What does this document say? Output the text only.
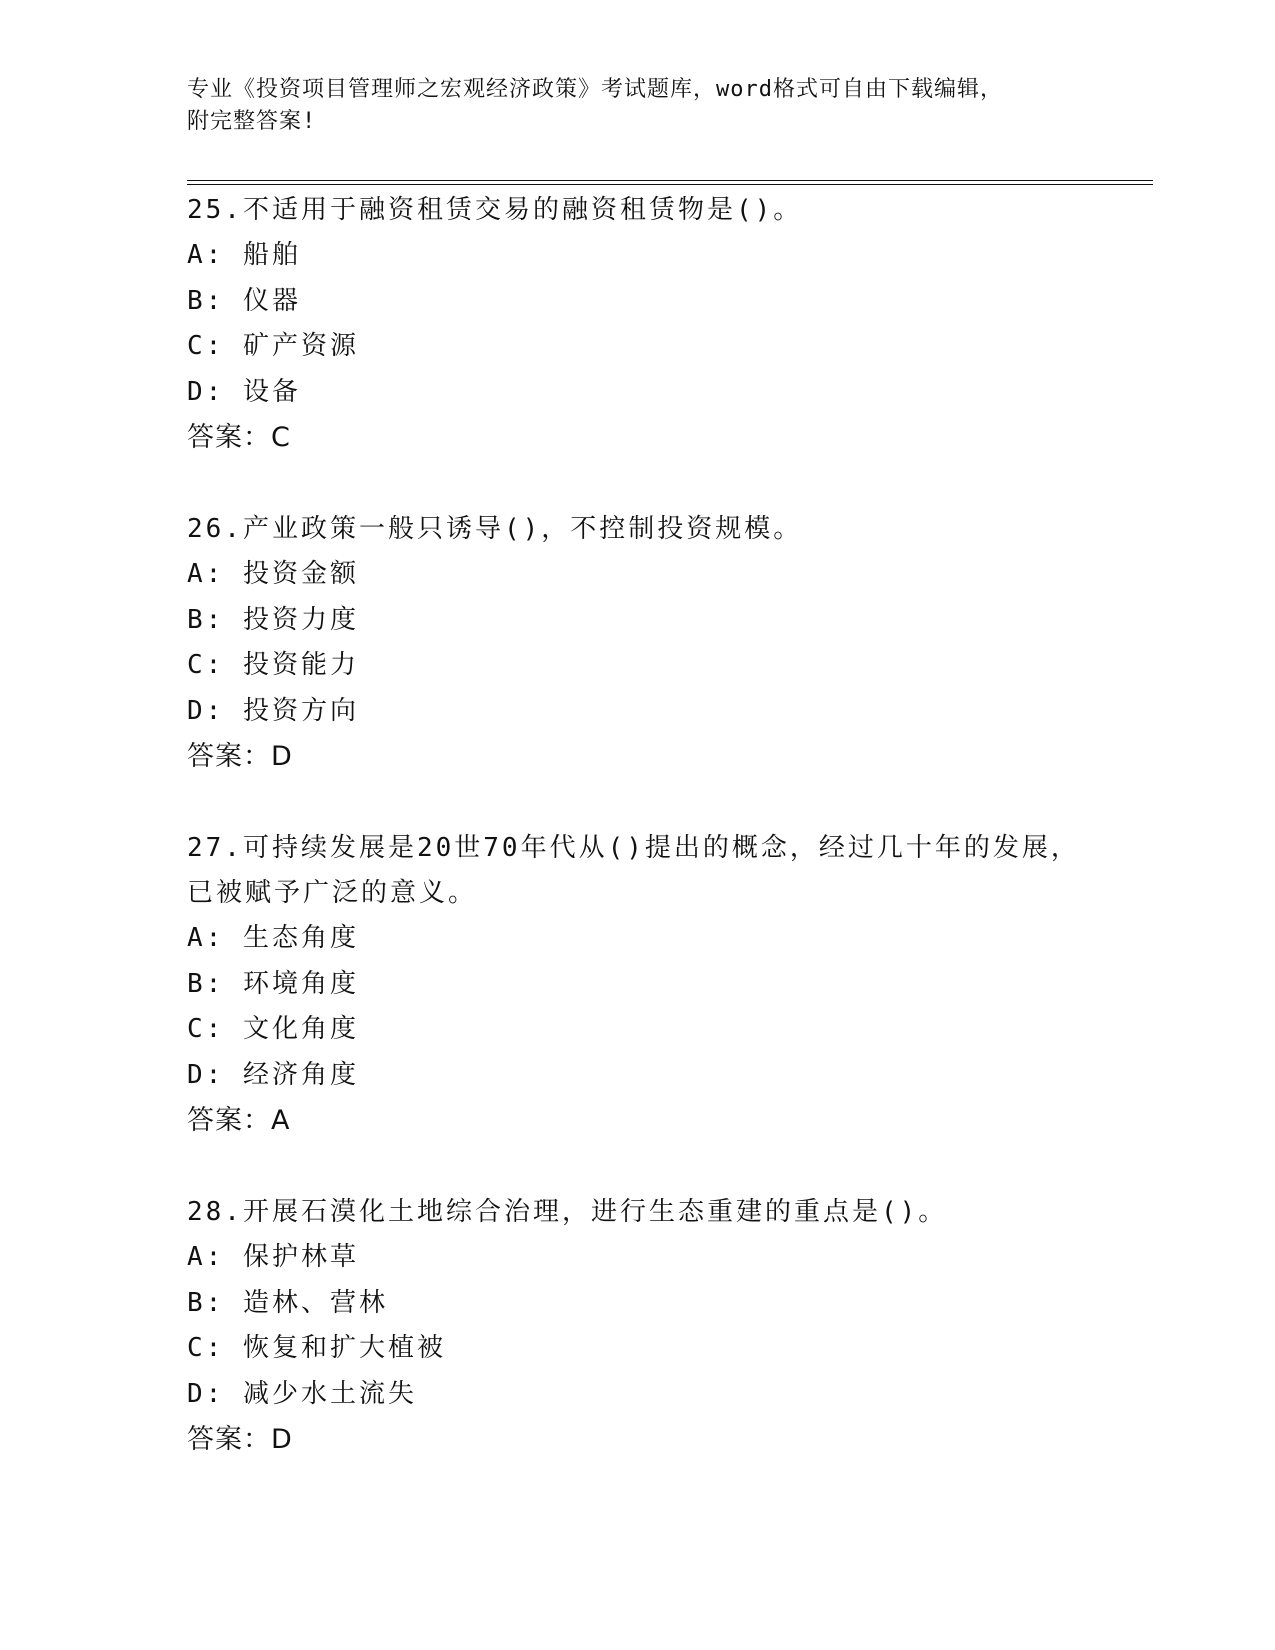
专业《投资项目管理师之宏观经济政策》考试题库，word格式可自由下载编辑，
附完整答案!

25.不适用于融资租赁交易的融资租赁物是()。

A: 船舶

B: 仪器

C: 矿产资源

D: 设备

答案：C

26.产业政策一般只诱导()，不控制投资规模。

A: 投资金额

B: 投资力度

C: 投资能力

D: 投资方向

答案：D

27.可持续发展是20世70年代从()提出的概念，经过几十年的发展，已被赋予广泛的意义。

A: 生态角度

B: 环境角度

C: 文化角度

D: 经济角度

答案：A

28.开展石漠化土地综合治理，进行生态重建的重点是()。

A: 保护林草

B: 造林、营林

C: 恢复和扩大植被

D: 减少水土流失

答案：D
